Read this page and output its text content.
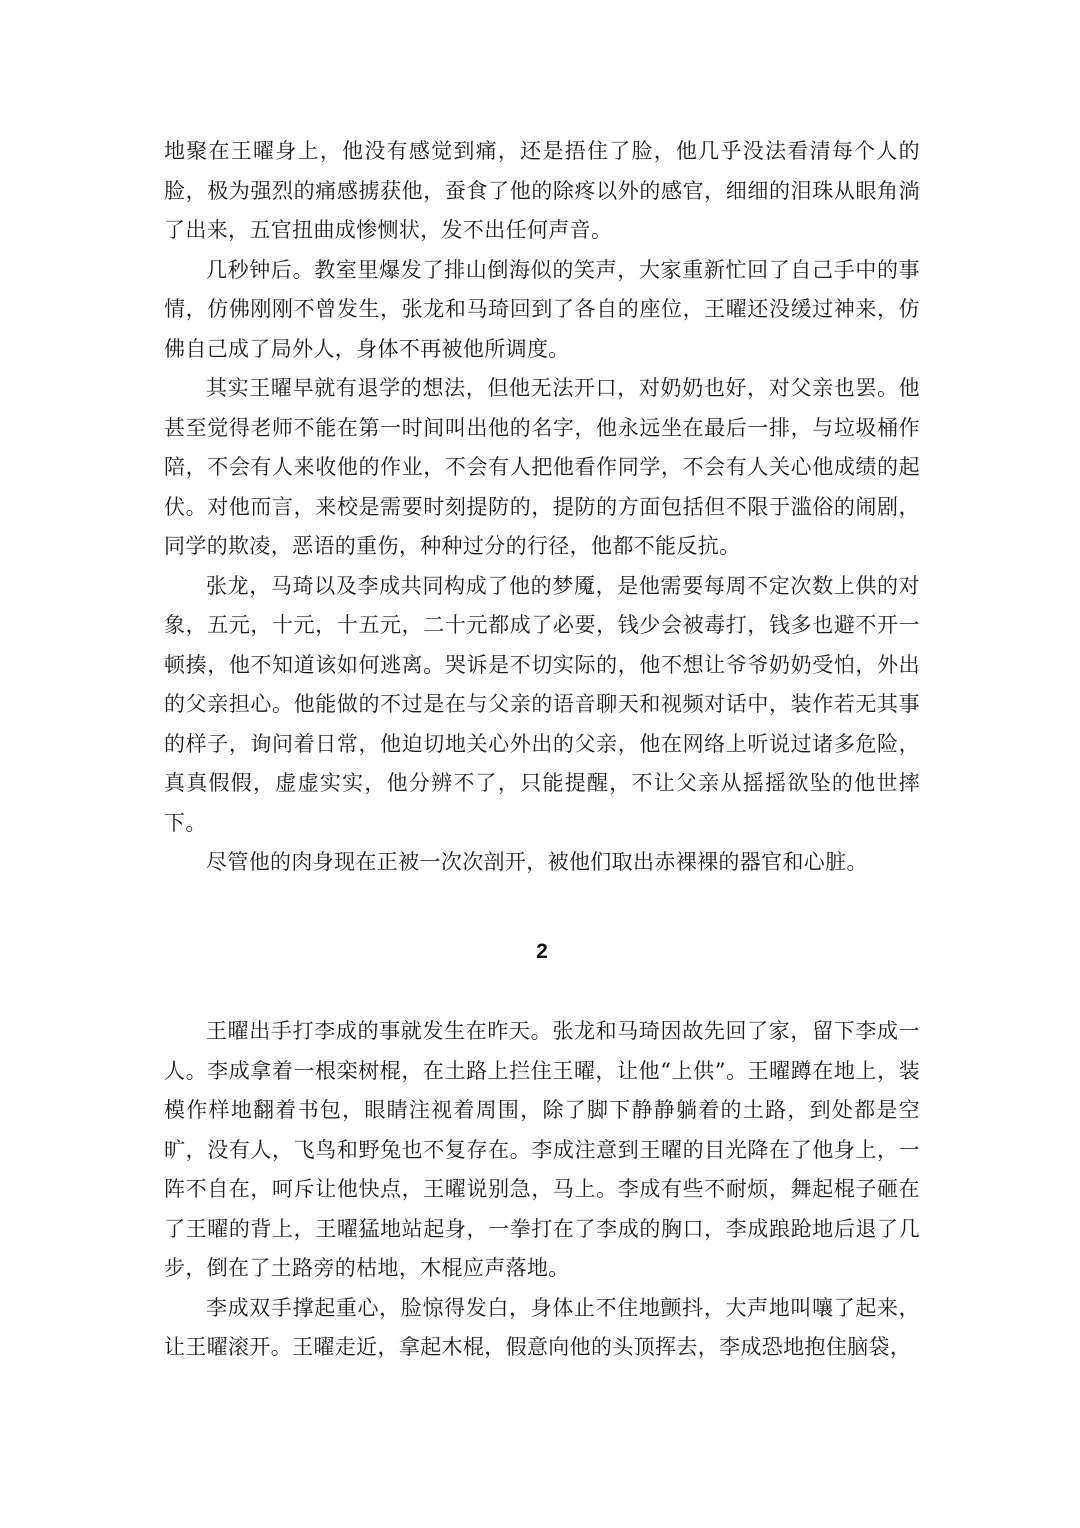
地聚在王曜身上，他没有感觉到痛，还是捂住了脸，他几乎没法看清每个人的脸，极为强烈的痛感掳获他，蚕食了他的除疼以外的感官，细细的泪珠从眼角淌了出来，五官扭曲成惨恻状，发不出任何声音。

几秒钟后。教室里爆发了排山倒海似的笑声，大家重新忙回了自己手中的事情，仿佛刚刚不曾发生，张龙和马琦回到了各自的座位，王曜还没缓过神来，仿佛自己成了局外人，身体不再被他所调度。

其实王曜早就有退学的想法，但他无法开口，对奶奶也好，对父亲也罢。他甚至觉得老师不能在第一时间叫出他的名字，他永远坐在最后一排，与垃圾桶作陪，不会有人来收他的作业，不会有人把他看作同学，不会有人关心他成绩的起伏。对他而言，来校是需要时刻提防的，提防的方面包括但不限于滥俗的闹剧，同学的欺凌，恶语的重伤，种种过分的行径，他都不能反抗。

张龙，马琦以及李成共同构成了他的梦魇，是他需要每周不定次数上供的对象，五元，十元，十五元，二十元都成了必要，钱少会被毒打，钱多也避不开一顿揍，他不知道该如何逃离。哭诉是不切实际的，他不想让爷爷奶奶受怕，外出的父亲担心。他能做的不过是在与父亲的语音聊天和视频对话中，装作若无其事的样子，询问着日常，他迫切地关心外出的父亲，他在网络上听说过诸多危险，真真假假，虚虚实实，他分辨不了，只能提醒，不让父亲从摇摇欲坠的他世摔下。

尽管他的肉身现在正被一次次剖开，被他们取出赤裸裸的器官和心脏。

2

王曜出手打李成的事就发生在昨天。张龙和马琦因故先回了家，留下李成一人。李成拿着一根栾树棍，在土路上拦住王曜，让他“上供”。王曜蹲在地上，装模作样地翻着书包，眼睛注视着周围，除了脚下静静躺着的土路，到处都是空旷，没有人，飞鸟和野兔也不复存在。李成注意到王曜的目光降在了他身上，一阵不自在，呵斥让他快点，王曜说别急，马上。李成有些不耐烦，舞起棍子砸在了王曜的背上，王曜猛地站起身，一拳打在了李成的胸口，李成踉跄地后退了几步，倒在了土路旁的枯地，木棍应声落地。

李成双手撑起重心，脸惊得发白，身体止不住地颤抖，大声地叫嚷了起来，让王曜滚开。王曜走近，拿起木棍，假意向他的头顶挥去，李成恐地抱住脑袋，
